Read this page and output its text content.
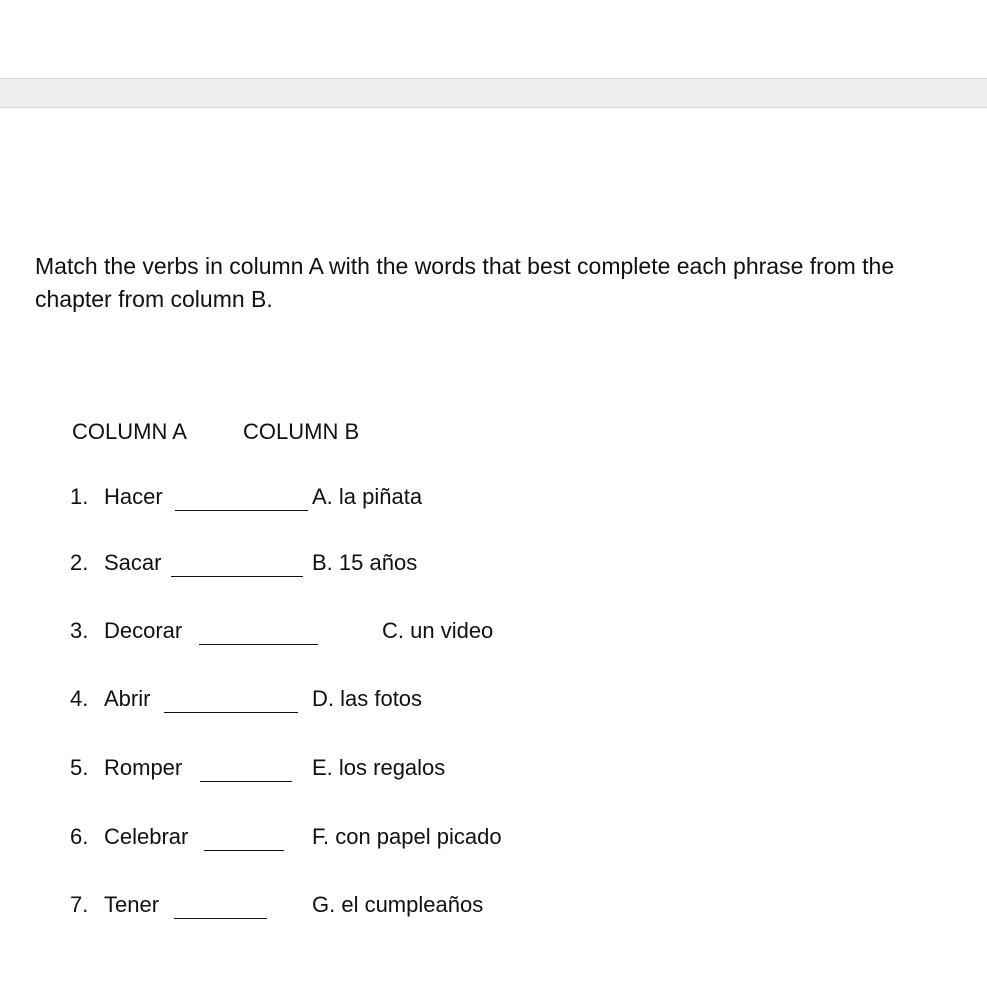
Match the verbs in column A with the words that best complete each phrase from the chapter from column B.

COLUMN A	COLUMN B
1. Hacer	A. la piñata
2. Sacar	B. 15 años
3. Decorar	C. un video
4. Abrir	D. las fotos
5. Romper	E. los regalos
6. Celebrar	F. con papel picado
7. Tener	G. el cumpleaños
